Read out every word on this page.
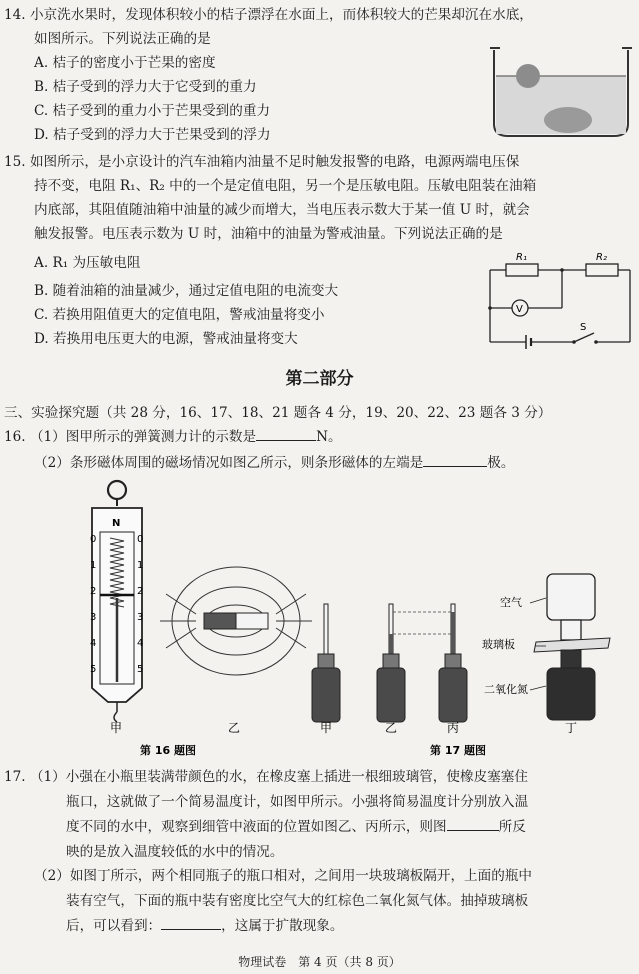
14. 小京洗水果时，发现体积较小的桔子漂浮在水面上，而体积较大的芒果却沉在水底，
如图所示。下列说法正确的是
A. 桔子的密度小于芒果的密度
B. 桔子受到的浮力大于它受到的重力
C. 桔子受到的重力小于芒果受到的重力
D. 桔子受到的浮力大于芒果受到的浮力
15. 如图所示，是小京设计的汽车油箱内油量不足时触发报警的电路，电源两端电压保
持不变，电阻 R₁、R₂ 中的一个是定值电阻，另一个是压敏电阻。压敏电阻装在油箱
内底部，其阻值随油箱中油量的减少而增大，当电压表示数大于某一值 U 时，就会
触发报警。电压表示数为 U 时，油箱中的油量为警戒油量。下列说法正确的是
A. R₁ 为压敏电阻
B. 随着油箱的油量减少，通过定值电阻的电流变大
C. 若换用阻值更大的定值电阻，警戒油量将变小
D. 若换用电压更大的电源，警戒油量将变大
R₁	R₂
V
S
第二部分
三、实验探究题（共 28 分，16、17、18、21 题各 4 分，19、20、22、23 题各 3 分）
16. （1）图甲所示的弹簧测力计的示数是	N。
（2）条形磁体周围的磁场情况如图乙所示，则条形磁体的左端是	极。
N
0
1
2
3
4
5
0
1
2
3
4
5
空气
玻璃板
二氧化氮
甲	乙	甲	乙	丙	丁
第 16 题图	第 17 题图
17. （1）小强在小瓶里装满带颜色的水，在橡皮塞上插进一根细玻璃管，使橡皮塞塞住
瓶口，这就做了一个简易温度计，如图甲所示。小强将简易温度计分别放入温
度不同的水中，观察到细管中液面的位置如图乙、丙所示，则图	所反
映的是放入温度较低的水中的情况。
（2）如图丁所示，两个相同瓶子的瓶口相对，之间用一块玻璃板隔开，上面的瓶中
装有空气，下面的瓶中装有密度比空气大的红棕色二氧化氮气体。抽掉玻璃板
后，可以看到：	，这属于扩散现象。
物理试卷　第 4 页（共 8 页）
